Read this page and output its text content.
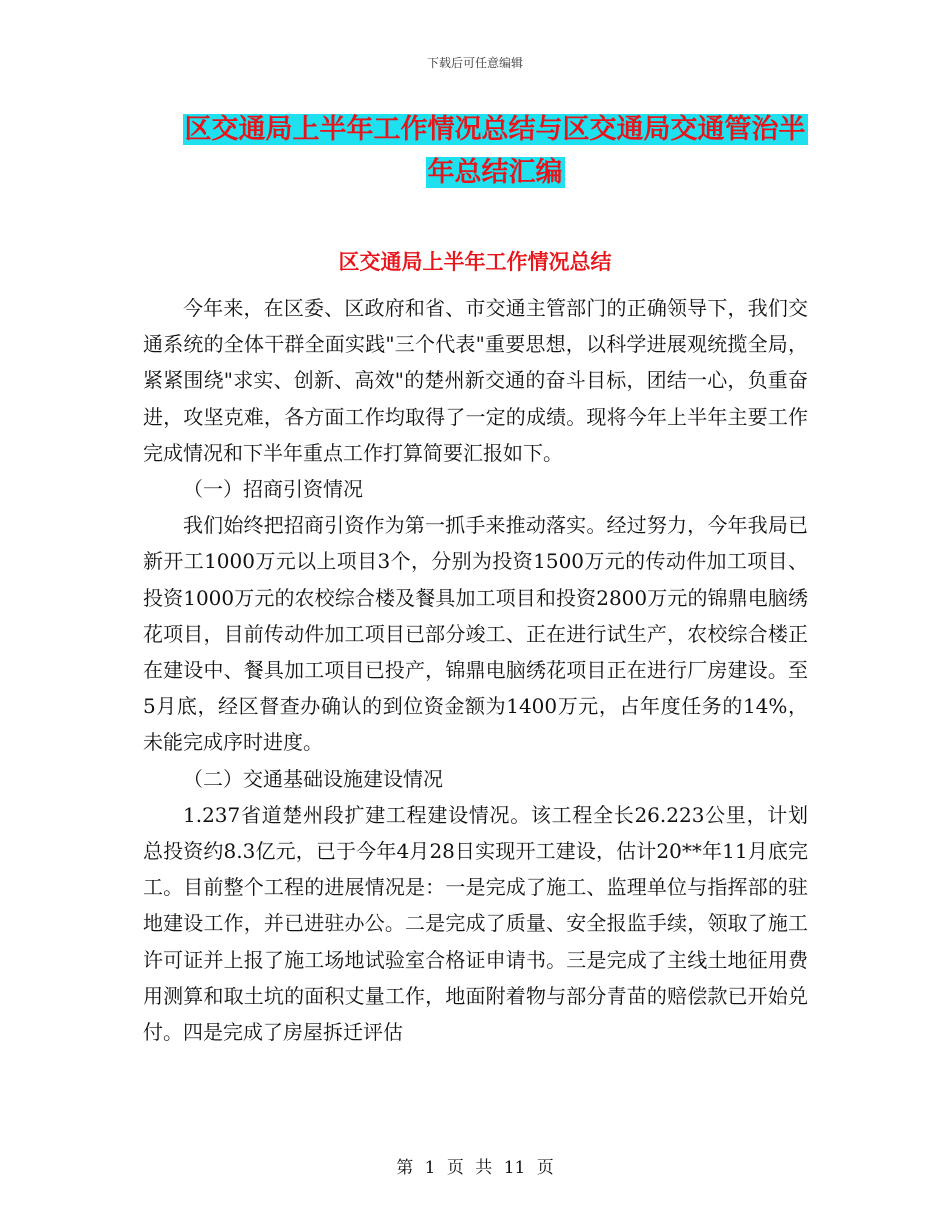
下载后可任意编辑
区交通局上半年工作情况总结与区交通局交通管治半
年总结汇编
区交通局上半年工作情况总结

今年来，在区委、区政府和省、市交通主管部门的正确领导下，我们交通系统的全体干群全面实践"三个代表"重要思想，以科学进展观统揽全局，紧紧围绕"求实、创新、高效"的楚州新交通的奋斗目标，团结一心，负重奋进，攻坚克难，各方面工作均取得了一定的成绩。现将今年上半年主要工作完成情况和下半年重点工作打算简要汇报如下。

（一）招商引资情况

我们始终把招商引资作为第一抓手来推动落实。经过努力，今年我局已新开工1000万元以上项目3个，分别为投资1500万元的传动件加工项目、投资1000万元的农校综合楼及餐具加工项目和投资2800万元的锦鼎电脑绣花项目，目前传动件加工项目已部分竣工、正在进行试生产，农校综合楼正在建设中、餐具加工项目已投产，锦鼎电脑绣花项目正在进行厂房建设。至5月底，经区督查办确认的到位资金额为1400万元，占年度任务的14%，未能完成序时进度。

（二）交通基础设施建设情况

1.237省道楚州段扩建工程建设情况。该工程全长26.223公里，计划总投资约8.3亿元，已于今年4月28日实现开工建设，估计20**年11月底完工。目前整个工程的进展情况是：一是完成了施工、监理单位与指挥部的驻地建设工作，并已进驻办公。二是完成了质量、安全报监手续，领取了施工许可证并上报了施工场地试验室合格证申请书。三是完成了主线土地征用费用测算和取土坑的面积丈量工作，地面附着物与部分青苗的赔偿款已开始兑付。四是完成了房屋拆迁评估

第 1 页 共 11 页
